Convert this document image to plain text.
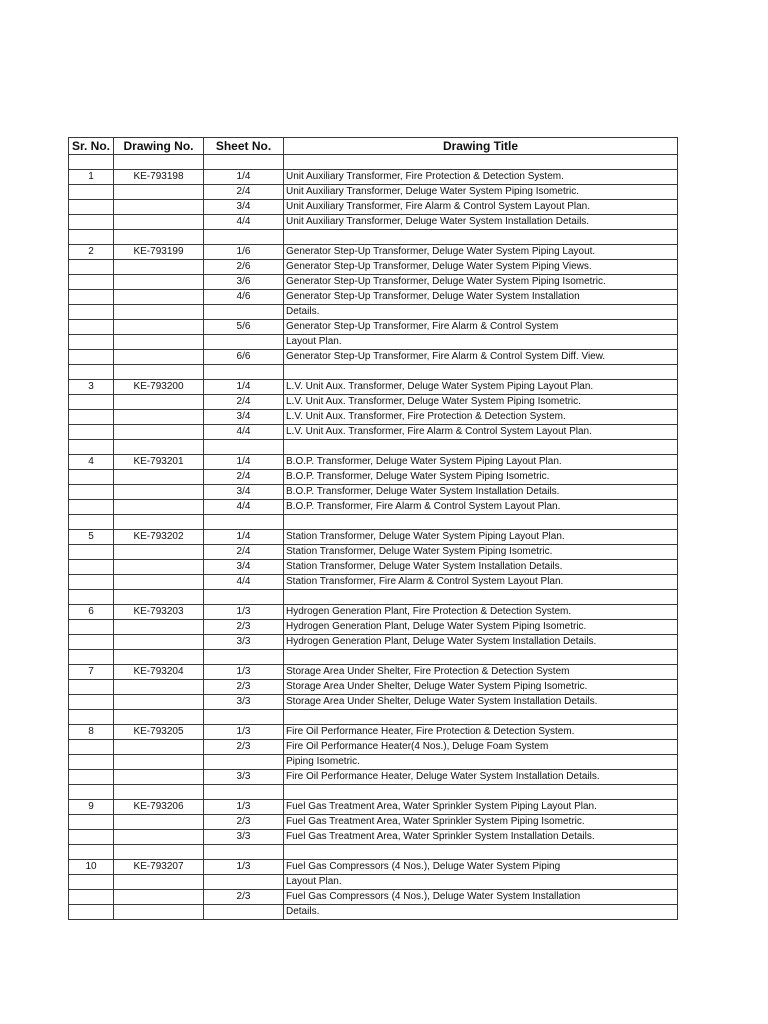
Sr. No.	Drawing No.	Sheet No.	Drawing Title

1	KE-793198	1/4	Unit Auxiliary Transformer, Fire Protection & Detection System.
		2/4	Unit Auxiliary Transformer, Deluge Water System Piping Isometric.
		3/4	Unit Auxiliary Transformer, Fire Alarm & Control System Layout Plan.
		4/4	Unit Auxiliary Transformer, Deluge Water System Installation Details.

2	KE-793199	1/6	Generator Step-Up Transformer, Deluge Water System Piping Layout.
		2/6	Generator Step-Up Transformer, Deluge Water System Piping Views.
		3/6	Generator Step-Up Transformer, Deluge Water System Piping Isometric.
		4/6	Generator Step-Up Transformer, Deluge Water System Installation
			Details.
		5/6	Generator Step-Up Transformer, Fire Alarm & Control System
			Layout Plan.
		6/6	Generator Step-Up Transformer, Fire Alarm & Control System Diff. View.

3	KE-793200	1/4	L.V. Unit Aux. Transformer, Deluge Water System Piping Layout Plan.
		2/4	L.V. Unit Aux. Transformer, Deluge Water System Piping Isometric.
		3/4	L.V. Unit Aux. Transformer, Fire Protection & Detection System.
		4/4	L.V. Unit Aux. Transformer, Fire Alarm & Control System Layout Plan.

4	KE-793201	1/4	B.O.P. Transformer, Deluge Water System Piping Layout Plan.
		2/4	B.O.P. Transformer, Deluge Water System Piping Isometric.
		3/4	B.O.P. Transformer, Deluge Water System Installation Details.
		4/4	B.O.P. Transformer, Fire Alarm & Control System Layout Plan.

5	KE-793202	1/4	Station Transformer, Deluge Water System Piping Layout Plan.
		2/4	Station Transformer, Deluge Water System Piping Isometric.
		3/4	Station Transformer, Deluge Water System Installation Details.
		4/4	Station Transformer, Fire Alarm & Control System Layout Plan.

6	KE-793203	1/3	Hydrogen Generation Plant, Fire Protection & Detection System.
		2/3	Hydrogen Generation Plant, Deluge Water System Piping Isometric.
		3/3	Hydrogen Generation Plant, Deluge Water System Installation Details.

7	KE-793204	1/3	Storage Area Under Shelter, Fire Protection & Detection System
		2/3	Storage Area Under Shelter, Deluge Water System Piping Isometric.
		3/3	Storage Area Under Shelter, Deluge Water System Installation Details.

8	KE-793205	1/3	Fire Oil Performance Heater, Fire Protection & Detection System.
		2/3	Fire Oil Performance Heater(4 Nos.), Deluge Foam System
			Piping Isometric.
		3/3	Fire Oil Performance Heater, Deluge Water System Installation Details.

9	KE-793206	1/3	Fuel Gas Treatment Area, Water Sprinkler System Piping Layout Plan.
		2/3	Fuel Gas Treatment Area, Water Sprinkler System Piping Isometric.
		3/3	Fuel Gas Treatment Area, Water Sprinkler System Installation Details.

10	KE-793207	1/3	Fuel Gas Compressors (4 Nos.), Deluge Water System Piping
			Layout Plan.
		2/3	Fuel Gas Compressors (4 Nos.), Deluge Water System Installation
			Details.
